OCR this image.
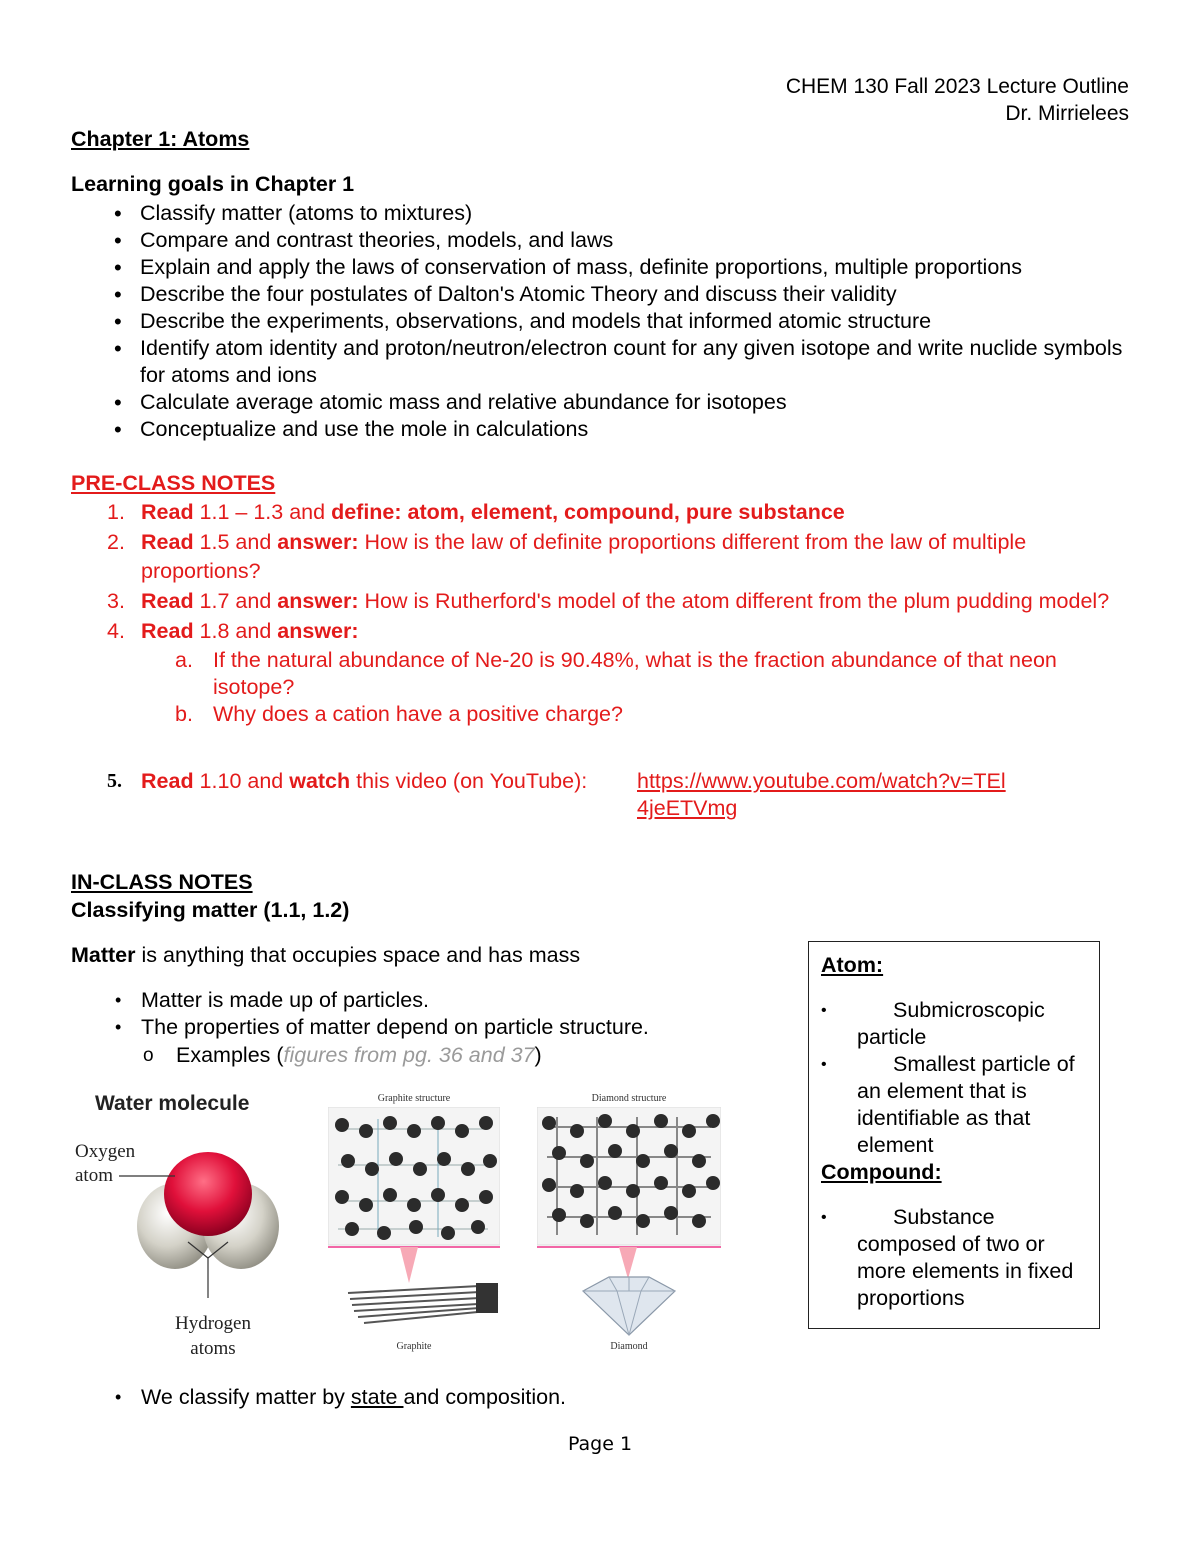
CHEM 130 Fall 2023 Lecture Outline
Dr. Mirrielees
Chapter 1: Atoms
Learning goals in Chapter 1
• Classify matter (atoms to mixtures)
• Compare and contrast theories, models, and laws
• Explain and apply the laws of conservation of mass, definite proportions, multiple proportions
• Describe the four postulates of Dalton's Atomic Theory and discuss their validity
• Describe the experiments, observations, and models that informed atomic structure
• Identify atom identity and proton/neutron/electron count for any given isotope and write nuclide symbols for atoms and ions
• Calculate average atomic mass and relative abundance for isotopes
• Conceptualize and use the mole in calculations
PRE-CLASS NOTES
1. Read 1.1 – 1.3 and define: atom, element, compound, pure substance
2. Read 1.5 and answer: How is the law of definite proportions different from the law of multiple proportions?
3. Read 1.7 and answer: How is Rutherford's model of the atom different from the plum pudding model?
4. Read 1.8 and answer:
a. If the natural abundance of Ne-20 is 90.48%, what is the fraction abundance of that neon isotope?
b. Why does a cation have a positive charge?
5. Read 1.10 and watch this video (on YouTube):	https://www.youtube.com/watch?v=TEl4jeETVmg
IN-CLASS NOTES
Classifying matter (1.1, 1.2)
Matter is anything that occupies space and has mass
• Matter is made up of particles.
• The properties of matter depend on particle structure.
o Examples (figures from pg. 36 and 37)
Water molecule
Oxygen atom
Hydrogen atoms
Graphite structure
Graphite
Diamond structure
Diamond
Atom:
• Submicroscopic particle
• Smallest particle of an element that is identifiable as that element
Compound:
• Substance composed of two or more elements in fixed proportions
• We classify matter by state and composition.
Page 1
